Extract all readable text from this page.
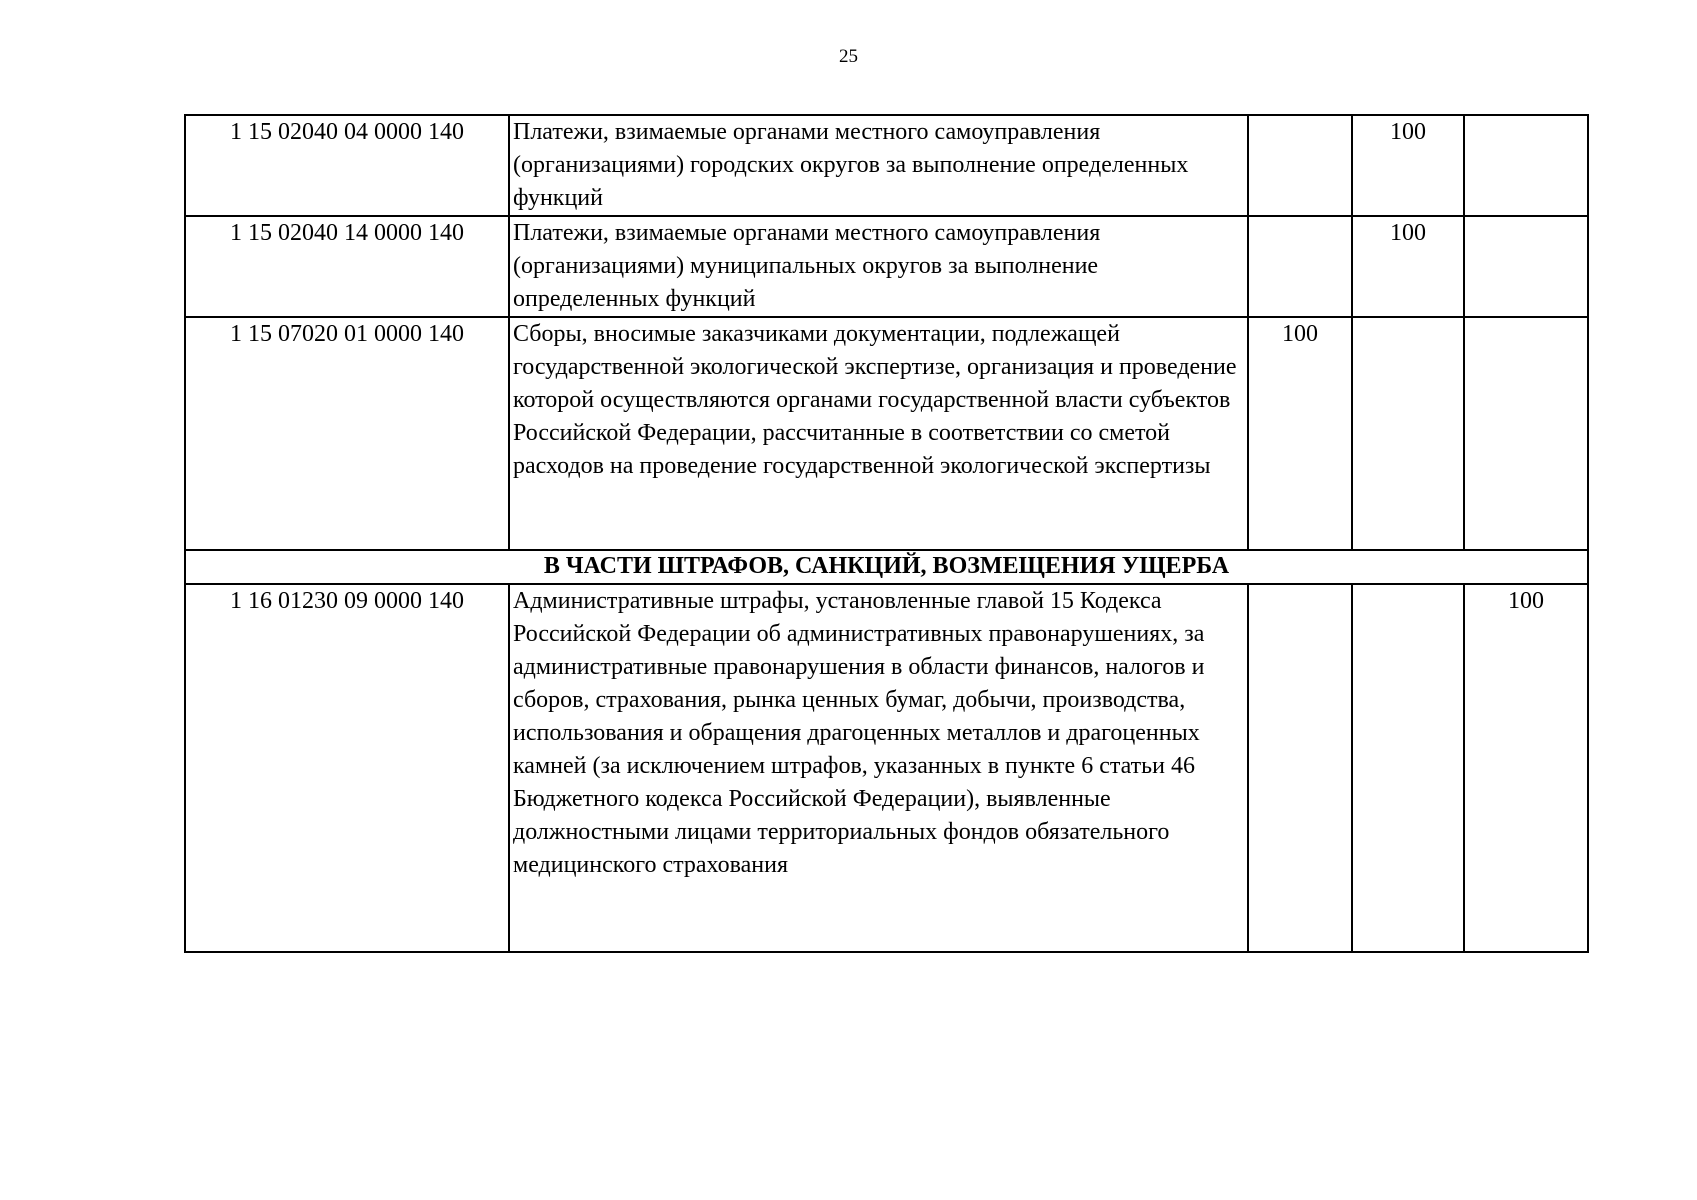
25
1 15 02040 04 0000 140	Платежи, взимаемые органами местного самоуправления (организациями) городских округов за выполнение определенных функций		100	
1 15 02040 14 0000 140	Платежи, взимаемые органами местного самоуправления (организациями) муниципальных округов за выполнение определенных функций		100	
1 15 07020 01 0000 140	Сборы, вносимые заказчиками документации, подлежащей государственной экологической экспертизе, организация и проведение которой осуществляются органами государственной власти субъектов Российской Федерации, рассчитанные в соответствии со сметой расходов на проведение государственной экологической экспертизы	100		
В ЧАСТИ ШТРАФОВ, САНКЦИЙ, ВОЗМЕЩЕНИЯ УЩЕРБА				
1 16 01230 09 0000 140	Административные штрафы, установленные главой 15 Кодекса Российской Федерации об административных правонарушениях, за административные правонарушения в области финансов, налогов и сборов, страхования, рынка ценных бумаг, добычи, производства, использования и обращения драгоценных металлов и драгоценных камней (за исключением штрафов, указанных в пункте 6 статьи 46 Бюджетного кодекса Российской Федерации), выявленные должностными лицами территориальных фондов обязательного медицинского страхования			100
